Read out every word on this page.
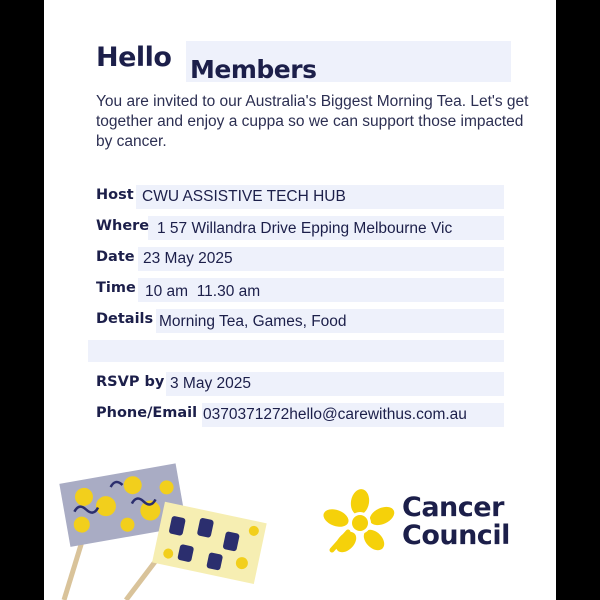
Hello Members
You are invited to our Australia's Biggest Morning Tea. Let's get together and enjoy a cuppa so we can support those impacted by cancer.
Host CWU ASSISTIVE TECH HUB
Where 1 57 Willandra Drive Epping Melbourne Vic
Date 23 May 2025
Time 10 am  11.30 am
Details Morning Tea, Games, Food
RSVP by 3 May 2025
Phone/Email 0370371272hello@carewithus.com.au
Cancer
Council
